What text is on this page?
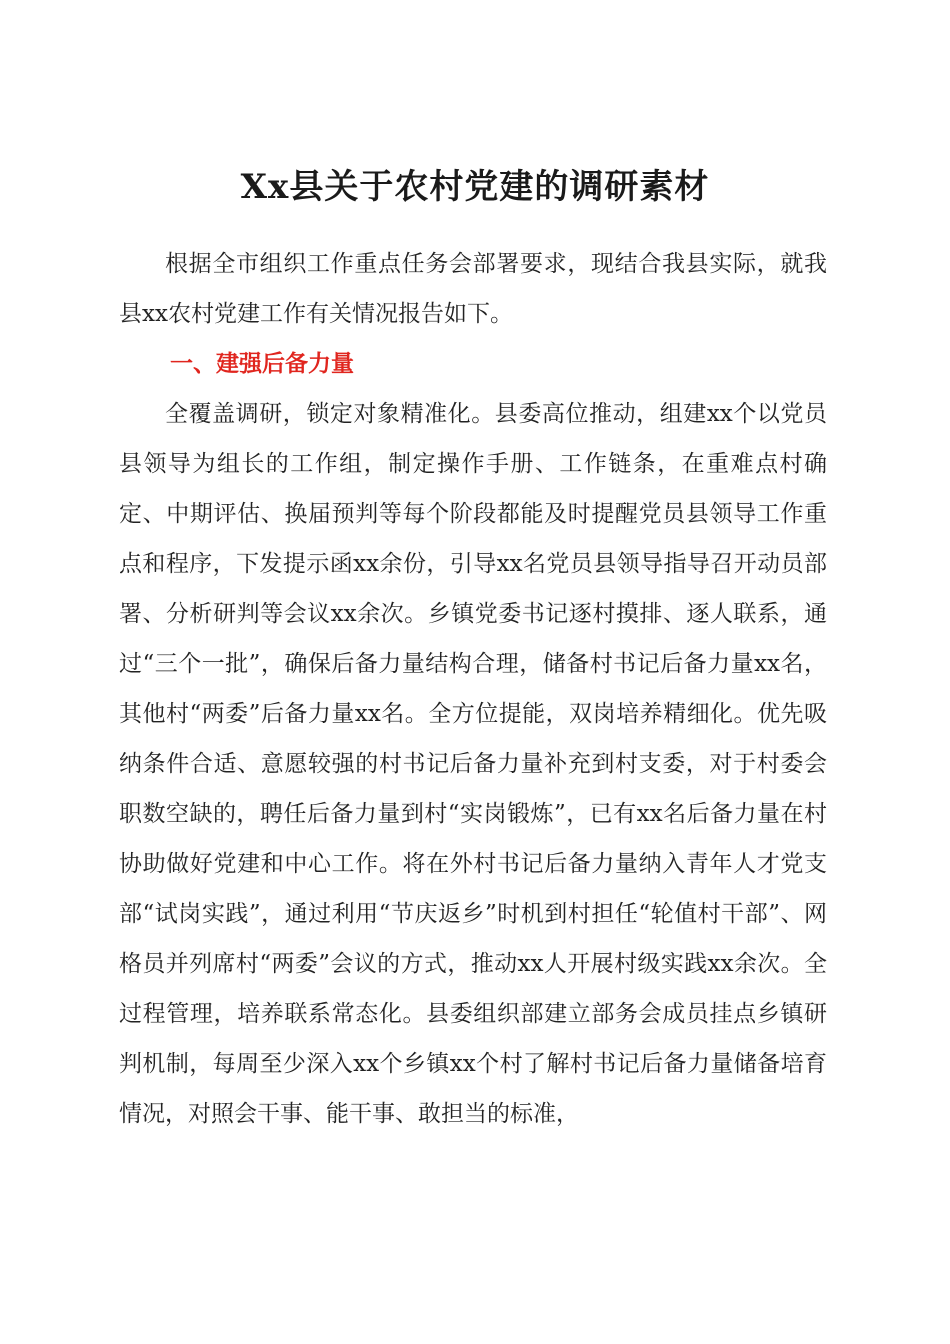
Xx县关于农村党建的调研素材

根据全市组织工作重点任务会部署要求，现结合我县实际，就我县xx农村党建工作有关情况报告如下。

一、建强后备力量

全覆盖调研，锁定对象精准化。县委高位推动，组建xx个以党员县领导为组长的工作组，制定操作手册、工作链条，在重难点村确定、中期评估、换届预判等每个阶段都能及时提醒党员县领导工作重点和程序，下发提示函xx余份，引导xx名党员县领导指导召开动员部署、分析研判等会议xx余次。乡镇党委书记逐村摸排、逐人联系，通过“三个一批”，确保后备力量结构合理，储备村书记后备力量xx名，其他村“两委”后备力量xx名。全方位提能，双岗培养精细化。优先吸纳条件合适、意愿较强的村书记后备力量补充到村支委，对于村委会职数空缺的，聘任后备力量到村“实岗锻炼”，已有xx名后备力量在村协助做好党建和中心工作。将在外村书记后备力量纳入青年人才党支部“试岗实践”，通过利用“节庆返乡”时机到村担任“轮值村干部”、网格员并列席村“两委”会议的方式，推动xx人开展村级实践xx余次。全过程管理，培养联系常态化。县委组织部建立部务会成员挂点乡镇研判机制，每周至少深入xx个乡镇xx个村了解村书记后备力量储备培育情况，对照会干事、能干事、敢担当的标准，
